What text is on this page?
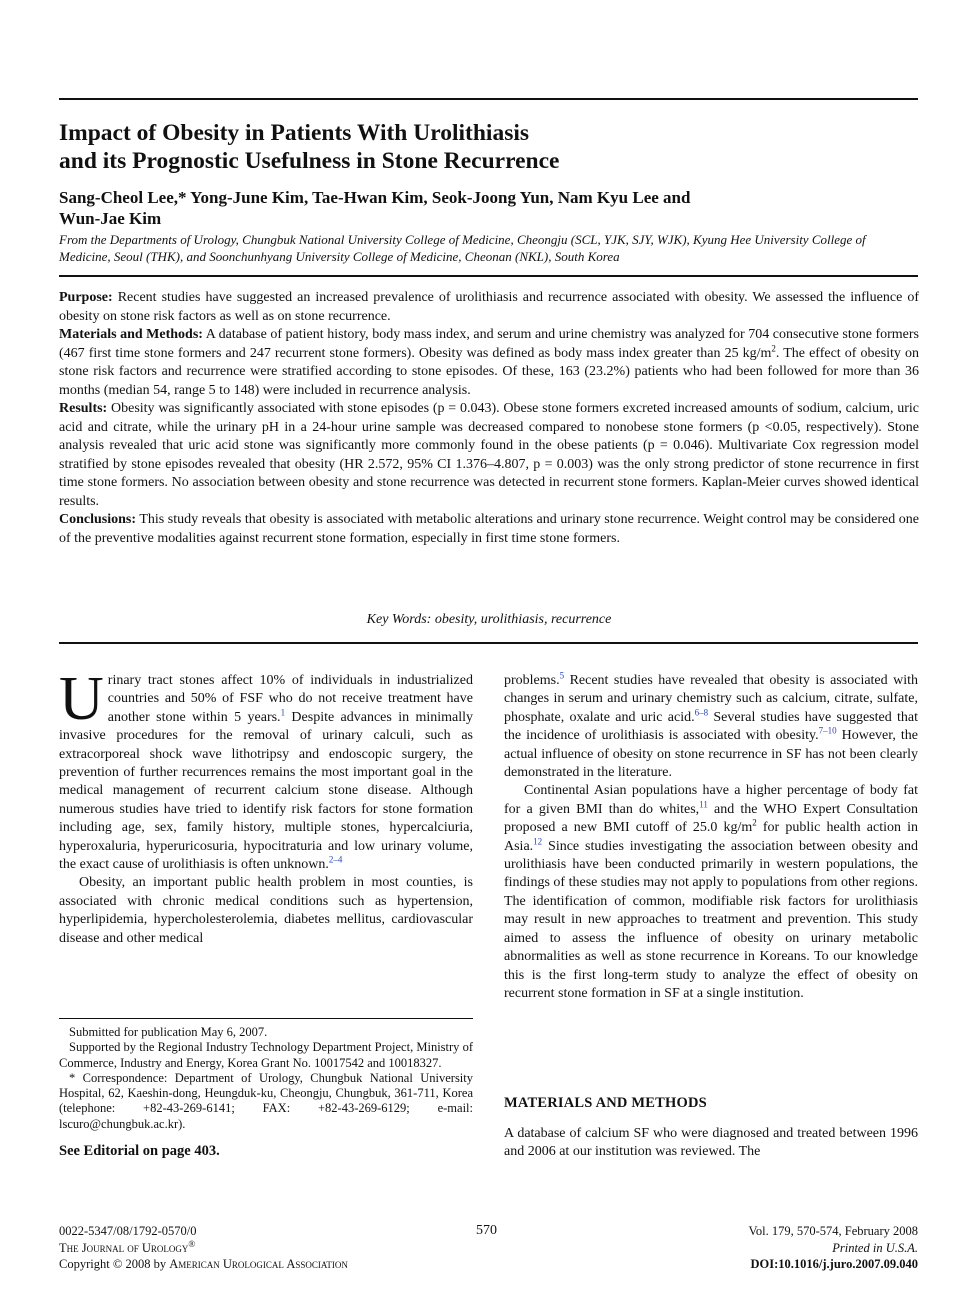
Impact of Obesity in Patients With Urolithiasis
and its Prognostic Usefulness in Stone Recurrence
Sang-Cheol Lee,* Yong-June Kim, Tae-Hwan Kim, Seok-Joong Yun, Nam Kyu Lee and
Wun-Jae Kim
From the Departments of Urology, Chungbuk National University College of Medicine, Cheongju (SCL, YJK, SJY, WJK), Kyung Hee University College of Medicine, Seoul (THK), and Soonchunhyang University College of Medicine, Cheonan (NKL), South Korea

Purpose: Recent studies have suggested an increased prevalence of urolithiasis and recurrence associated with obesity. We assessed the influence of obesity on stone risk factors as well as on stone recurrence.

Materials and Methods: A database of patient history, body mass index, and serum and urine chemistry was analyzed for 704 consecutive stone formers (467 first time stone formers and 247 recurrent stone formers). Obesity was defined as body mass index greater than 25 $kg/m^2$. The effect of obesity on stone risk factors and recurrence were stratified according to stone episodes. Of these, 163 (23.2%) patients who had been followed for more than 36 months (median 54, range 5 to 148) were included in recurrence analysis.

Results: Obesity was significantly associated with stone episodes (p = 0.043). Obese stone formers excreted increased amounts of sodium, calcium, uric acid and citrate, while the urinary pH in a 24-hour urine sample was decreased compared to nonobese stone formers (p <0.05, respectively). Stone analysis revealed that uric acid stone was significantly more commonly found in the obese patients (p = 0.046). Multivariate Cox regression model stratified by stone episodes revealed that obesity (HR 2.572, 95% CI 1.376–4.807, p = 0.003) was the only strong predictor of stone recurrence in first time stone formers. No association between obesity and stone recurrence was detected in recurrent stone formers. Kaplan-Meier curves showed identical results.

Conclusions: This study reveals that obesity is associated with metabolic alterations and urinary stone recurrence. Weight control may be considered one of the preventive modalities against recurrent stone formation, especially in first time stone formers.

Key Words: obesity, urolithiasis, recurrence

Urinary tract stones affect 10% of individuals in industrialized countries and 50% of FSF who do not receive treatment have another stone within 5 years.$^1$ Despite advances in minimally invasive procedures for the removal of urinary calculi, such as extracorporeal shock wave lithotripsy and endoscopic surgery, the prevention of further recurrences remains the most important goal in the medical management of recurrent calcium stone disease. Although numerous studies have tried to identify risk factors for stone formation including age, sex, family history, multiple stones, hypercalciuria, hyperoxaluria, hyperuricosuria, hypocitraturia and low urinary volume, the exact cause of urolithiasis is often unknown.$^{2-4}$

Obesity, an important public health problem in most counties, is associated with chronic medical conditions such as hypertension, hyperlipidemia, hypercholesterolemia, diabetes mellitus, cardiovascular disease and other medical

Submitted for publication May 6, 2007.

Supported by the Regional Industry Technology Department Project, Ministry of Commerce, Industry and Energy, Korea Grant No. 10017542 and 10018327.

* Correspondence: Department of Urology, Chungbuk National University Hospital, 62, Kaeshin-dong, Heungduk-ku, Cheongju, Chungbuk, 361-711, Korea (telephone: +82-43-269-6141; FAX: +82-43-269-6129; e-mail: lscuro@chungbuk.ac.kr).

See Editorial on page 403.

problems.$^5$ Recent studies have revealed that obesity is associated with changes in serum and urinary chemistry such as calcium, citrate, sulfate, phosphate, oxalate and uric acid.$^{6-8}$ Several studies have suggested that the incidence of urolithiasis is associated with obesity.$^{7-10}$ However, the actual influence of obesity on stone recurrence in SF has not been clearly demonstrated in the literature.

Continental Asian populations have a higher percentage of body fat for a given BMI than do whites,$^{11}$ and the WHO Expert Consultation proposed a new BMI cutoff of 25.0 $kg/m^2$ for public health action in Asia.$^{12}$ Since studies investigating the association between obesity and urolithiasis have been conducted primarily in western populations, the findings of these studies may not apply to populations from other regions. The identification of common, modifiable risk factors for urolithiasis may result in new approaches to treatment and prevention. This study aimed to assess the influence of obesity on urinary metabolic abnormalities as well as stone recurrence in Koreans. To our knowledge this is the first long-term study to analyze the effect of obesity on recurrent stone formation in SF at a single institution.

MATERIALS AND METHODS

A database of calcium SF who were diagnosed and treated between 1996 and 2006 at our institution was reviewed. The

0022-5347/08/1792-0570/0
The Journal of Urology®
Copyright © 2008 by American Urological Association
570	Vol. 179, 570-574, February 2008
Printed in U.S.A.
DOI:10.1016/j.juro.2007.09.040
